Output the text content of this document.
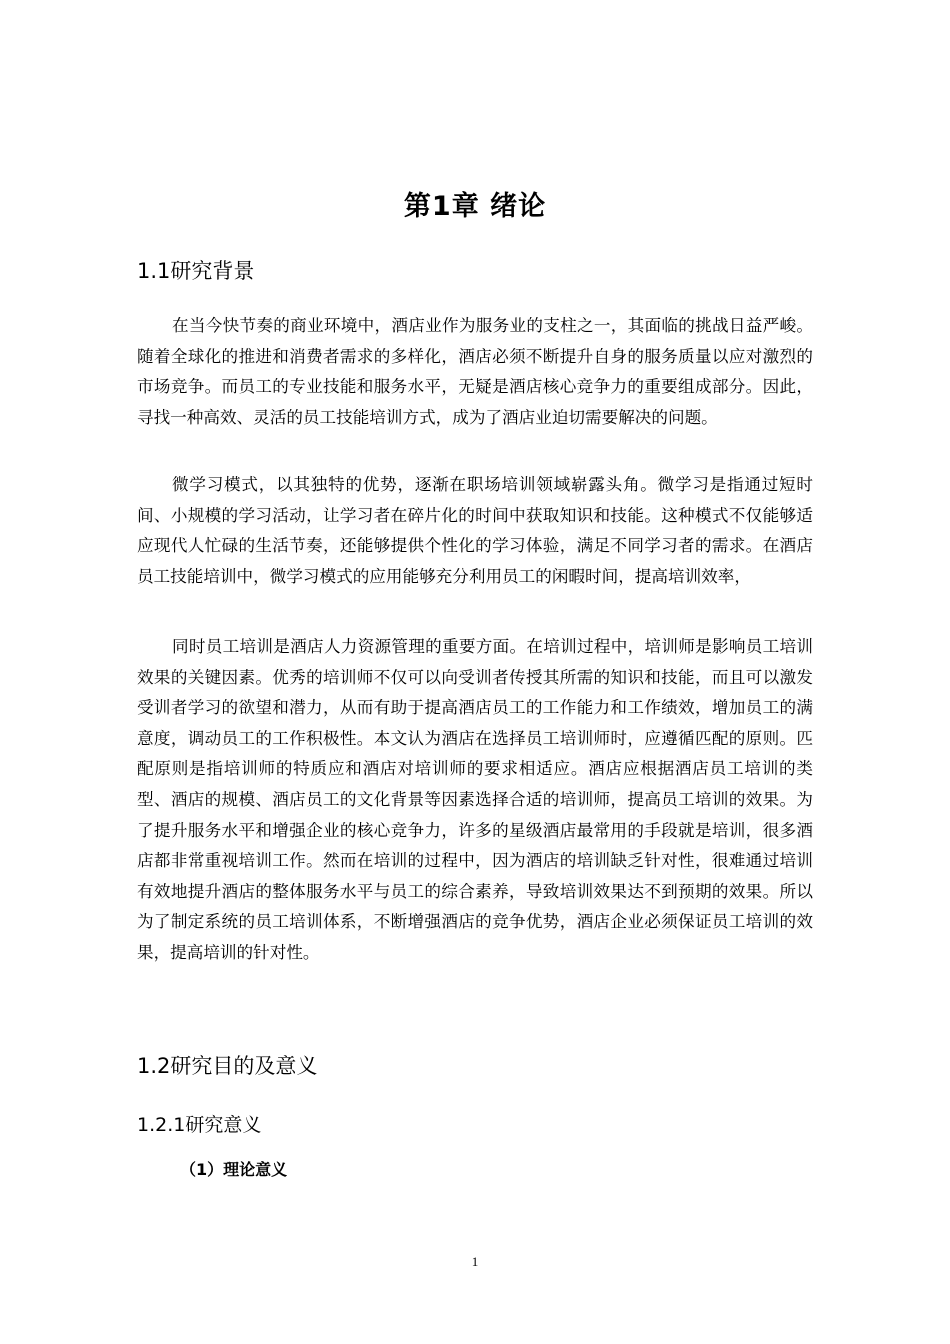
第1章 绪论
1.1研究背景

在当今快节奏的商业环境中，酒店业作为服务业的支柱之一，其面临的挑战日益严峻。随着全球化的推进和消费者需求的多样化，酒店必须不断提升自身的服务质量以应对激烈的市场竞争。而员工的专业技能和服务水平，无疑是酒店核心竞争力的重要组成部分。因此，寻找一种高效、灵活的员工技能培训方式，成为了酒店业迫切需要解决的问题。

微学习模式，以其独特的优势，逐渐在职场培训领域崭露头角。微学习是指通过短时间、小规模的学习活动，让学习者在碎片化的时间中获取知识和技能。这种模式不仅能够适应现代人忙碌的生活节奏，还能够提供个性化的学习体验，满足不同学习者的需求。在酒店员工技能培训中，微学习模式的应用能够充分利用员工的闲暇时间，提高培训效率，

同时员工培训是酒店人力资源管理的重要方面。在培训过程中，培训师是影响员工培训效果的关键因素。优秀的培训师不仅可以向受训者传授其所需的知识和技能，而且可以激发受训者学习的欲望和潜力，从而有助于提高酒店员工的工作能力和工作绩效，增加员工的满意度，调动员工的工作积极性。本文认为酒店在选择员工培训师时，应遵循匹配的原则。匹配原则是指培训师的特质应和酒店对培训师的要求相适应。酒店应根据酒店员工培训的类型、酒店的规模、酒店员工的文化背景等因素选择合适的培训师，提高员工培训的效果。为了提升服务水平和增强企业的核心竞争力，许多的星级酒店最常用的手段就是培训，很多酒店都非常重视培训工作。然而在培训的过程中，因为酒店的培训缺乏针对性，很难通过培训有效地提升酒店的整体服务水平与员工的综合素养，导致培训效果达不到预期的效果。所以为了制定系统的员工培训体系，不断增强酒店的竞争优势，酒店企业必须保证员工培训的效果，提高培训的针对性。

1.2研究目的及意义
1.2.1研究意义
（1）理论意义
1
